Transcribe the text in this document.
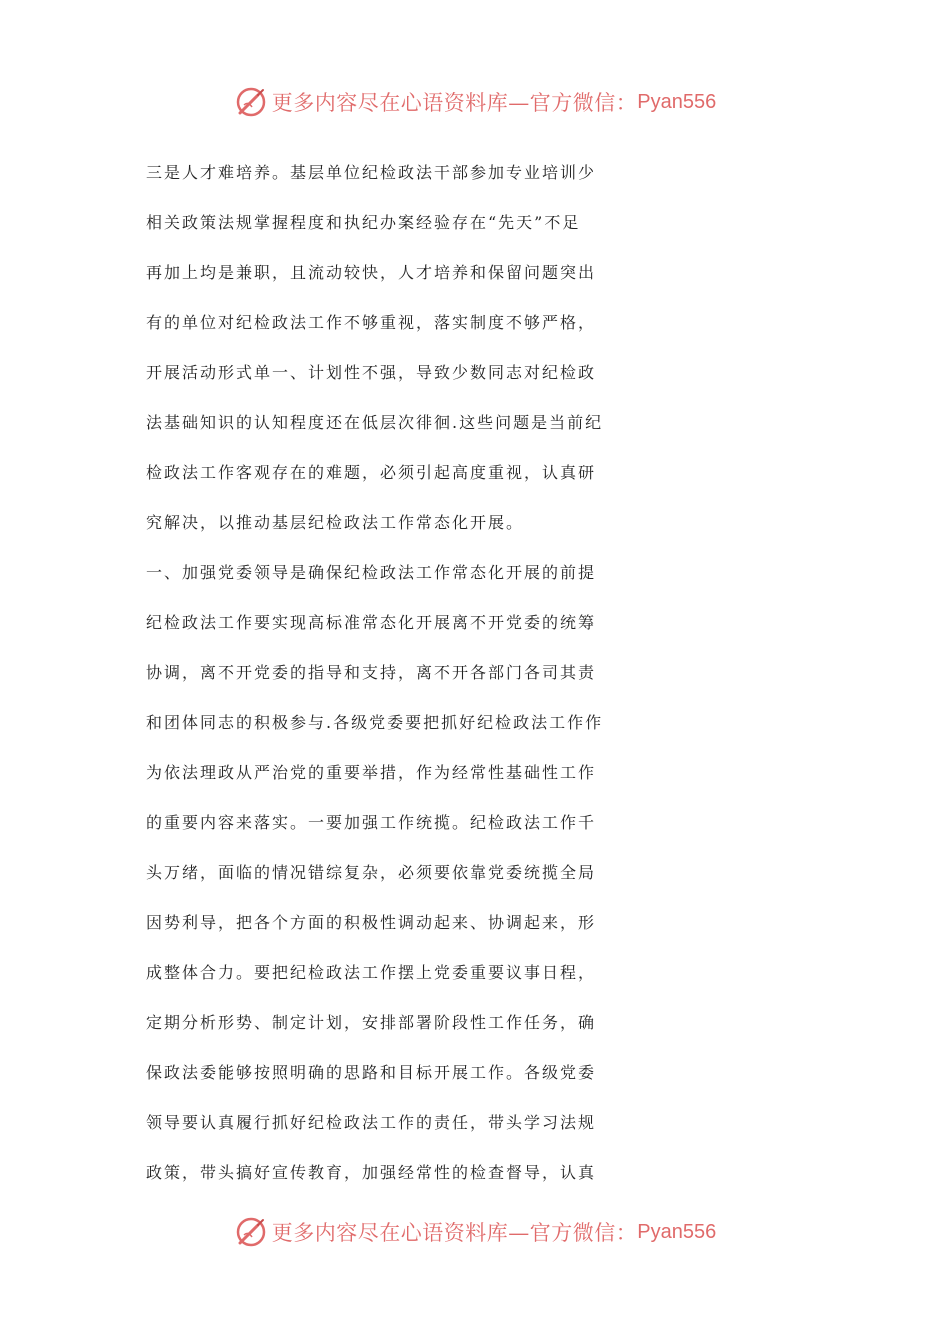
更多内容尽在心语资料库—官方微信： Pyan556
三是人才难培养。基层单位纪检政法干部参加专业培训少
相关政策法规掌握程度和执纪办案经验存在“先天”不足
再加上均是兼职，且流动较快，人才培养和保留问题突出
有的单位对纪检政法工作不够重视，落实制度不够严格，
开展活动形式单一、计划性不强，导致少数同志对纪检政
法基础知识的认知程度还在低层次徘徊.这些问题是当前纪
检政法工作客观存在的难题，必须引起高度重视，认真研
究解决，以推动基层纪检政法工作常态化开展。
一、加强党委领导是确保纪检政法工作常态化开展的前提
纪检政法工作要实现高标准常态化开展离不开党委的统筹
协调，离不开党委的指导和支持，离不开各部门各司其责
和团体同志的积极参与.各级党委要把抓好纪检政法工作作
为依法理政从严治党的重要举措，作为经常性基础性工作
的重要内容来落实。一要加强工作统揽。纪检政法工作千
头万绪，面临的情况错综复杂，必须要依靠党委统揽全局
因势利导，把各个方面的积极性调动起来、协调起来，形
成整体合力。要把纪检政法工作摆上党委重要议事日程，
定期分析形势、制定计划，安排部署阶段性工作任务，确
保政法委能够按照明确的思路和目标开展工作。各级党委
领导要认真履行抓好纪检政法工作的责任，带头学习法规
政策，带头搞好宣传教育，加强经常性的检查督导，认真
更多内容尽在心语资料库—官方微信： Pyan556
